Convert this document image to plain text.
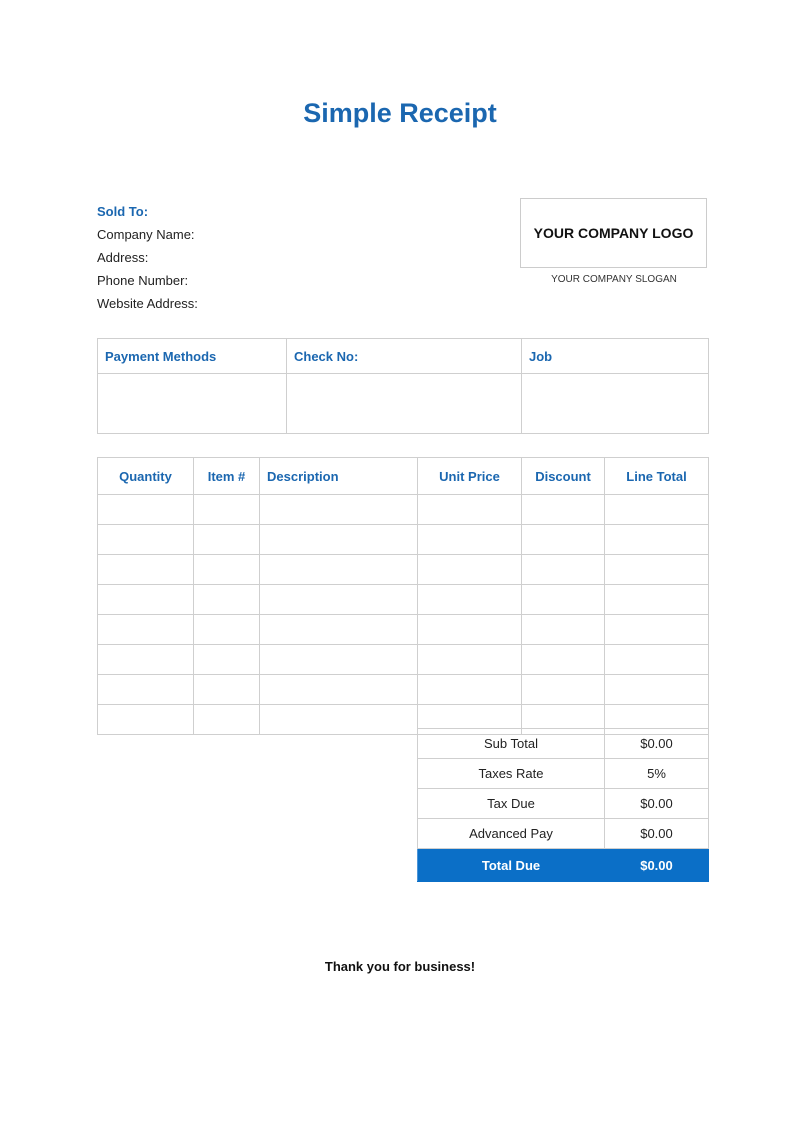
Simple Receipt
Sold To:
Company Name:
Address:
Phone Number:
Website Address:
YOUR COMPANY LOGO
YOUR COMPANY SLOGAN
Payment Methods	Check No:	Job

Quantity	Item #	Description	Unit Price	Discount	Line Total

Sub Total	$0.00
Taxes Rate	5%
Tax Due	$0.00
Advanced Pay	$0.00
Total Due	$0.00
Thank you for business!
